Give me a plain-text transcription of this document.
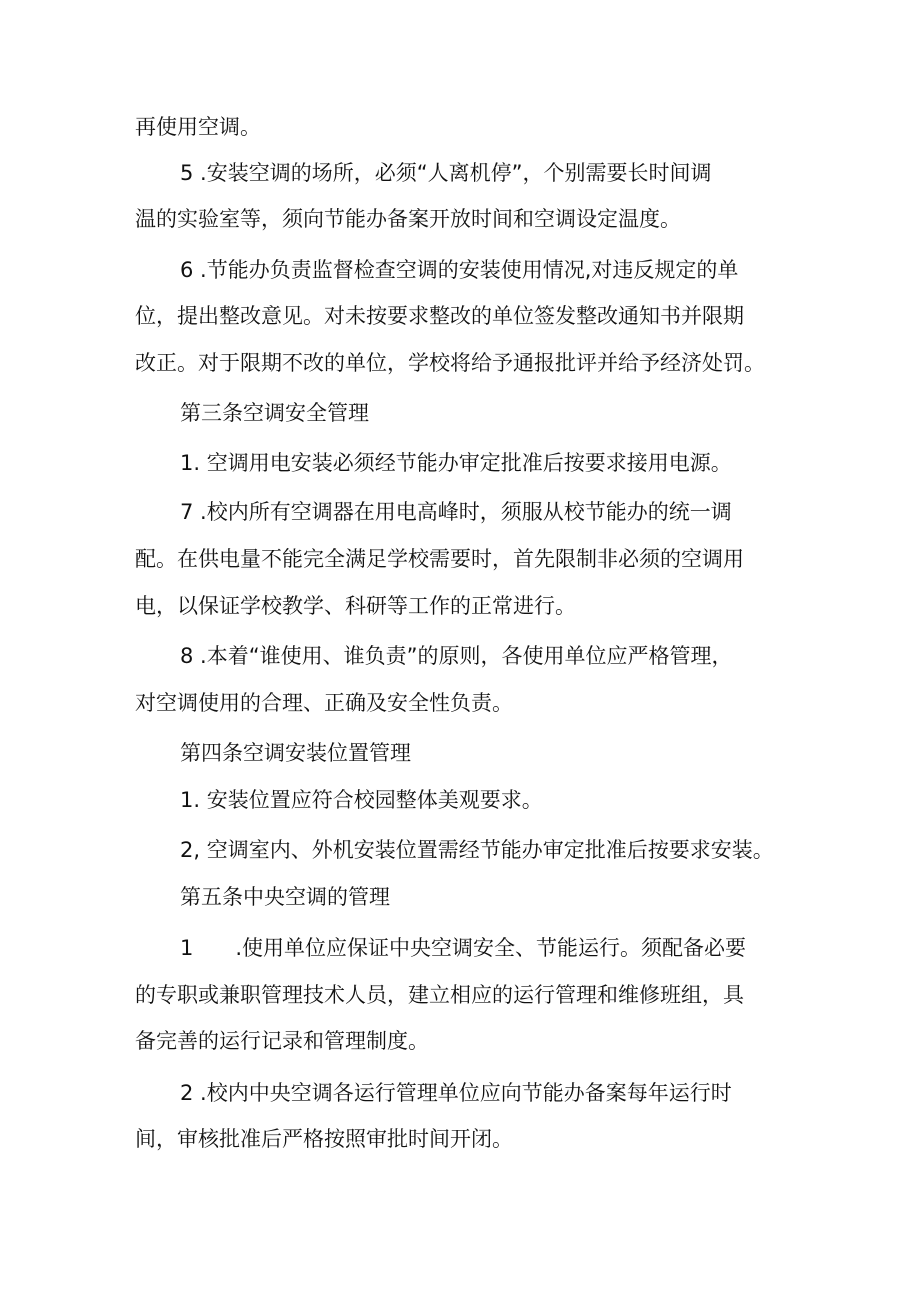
再使用空调。
5 .安装空调的场所，必须“人离机停”，个别需要长时间调
温的实验室等，须向节能办备案开放时间和空调设定温度。
6 .节能办负责监督检查空调的安装使用情况,对违反规定的单
位，提出整改意见。对未按要求整改的单位签发整改通知书并限期
改正。对于限期不改的单位，学校将给予通报批评并给予经济处罚。
第三条空调安全管理
1. 空调用电安装必须经节能办审定批准后按要求接用电源。
7 .校内所有空调器在用电高峰时，须服从校节能办的统一调
配。在供电量不能完全满足学校需要时，首先限制非必须的空调用
电，以保证学校教学、科研等工作的正常进行。
8 .本着“谁使用、谁负责”的原则，各使用单位应严格管理，
对空调使用的合理、正确及安全性负责。
第四条空调安装位置管理
1. 安装位置应符合校园整体美观要求。
2, 空调室内、外机安装位置需经节能办审定批准后按要求安装。
第五条中央空调的管理
1　　.使用单位应保证中央空调安全、节能运行。须配备必要
的专职或兼职管理技术人员，建立相应的运行管理和维修班组，具
备完善的运行记录和管理制度。
2 .校内中央空调各运行管理单位应向节能办备案每年运行时
间，审核批准后严格按照审批时间开闭。
